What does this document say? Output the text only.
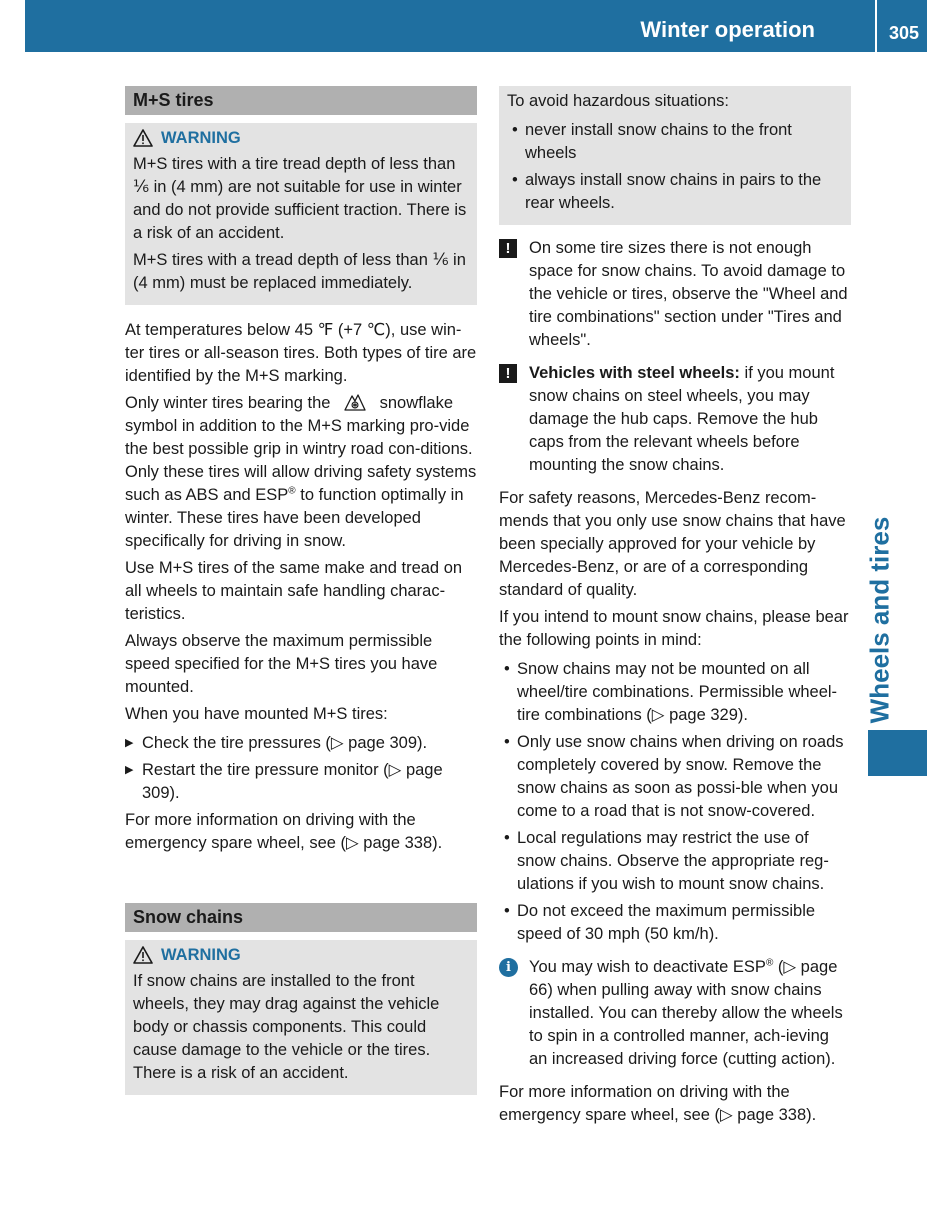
Winter operation	305
Wheels and tires
M+S tires
WARNING

M+S tires with a tire tread depth of less than ⅙ in (4 mm) are not suitable for use in winter and do not provide sufficient traction. There is a risk of an accident.

M+S tires with a tread depth of less than ⅙ in (4 mm) must be replaced immediately.

At temperatures below 45 ℉ (+7 ℃), use win-ter tires or all-season tires. Both types of tire are identified by the M+S marking.

Only winter tires bearing the	snowflake symbol in addition to the M+S marking pro-vide the best possible grip in wintry road con-ditions. Only these tires will allow driving safety systems such as ABS and ESP® to function optimally in winter. These tires have been developed specifically for driving in snow.

Use M+S tires of the same make and tread on all wheels to maintain safe handling charac-teristics.

Always observe the maximum permissible speed specified for the M+S tires you have mounted.

When you have mounted M+S tires:

▶ Check the tire pressures (▷ page 309).
▶ Restart the tire pressure monitor (▷ page 309).

For more information on driving with the emergency spare wheel, see (▷ page 338).

Snow chains
WARNING

If snow chains are installed to the front wheels, they may drag against the vehicle body or chassis components. This could cause damage to the vehicle or the tires. There is a risk of an accident.

To avoid hazardous situations:

• never install snow chains to the front wheels
• always install snow chains in pairs to the rear wheels.
!	On some tire sizes there is not enough space for snow chains. To avoid damage to the vehicle or tires, observe the "Wheel and tire combinations" section under "Tires and wheels".
!	Vehicles with steel wheels: if you mount snow chains on steel wheels, you may damage the hub caps. Remove the hub caps from the relevant wheels before mounting the snow chains.

For safety reasons, Mercedes-Benz recom-mends that you only use snow chains that have been specially approved for your vehicle by Mercedes-Benz, or are of a corresponding standard of quality.

If you intend to mount snow chains, please bear the following points in mind:

• Snow chains may not be mounted on all wheel/tire combinations. Permissible wheel-tire combinations (▷ page 329).
• Only use snow chains when driving on roads completely covered by snow. Remove the snow chains as soon as possi-ble when you come to a road that is not snow-covered.
• Local regulations may restrict the use of snow chains. Observe the appropriate reg-ulations if you wish to mount snow chains.
• Do not exceed the maximum permissible speed of 30 mph (50 km/h).
i	You may wish to deactivate ESP® (▷ page 66) when pulling away with snow chains installed. You can thereby allow the wheels to spin in a controlled manner, ach-ieving an increased driving force (cutting action).

For more information on driving with the emergency spare wheel, see (▷ page 338).
